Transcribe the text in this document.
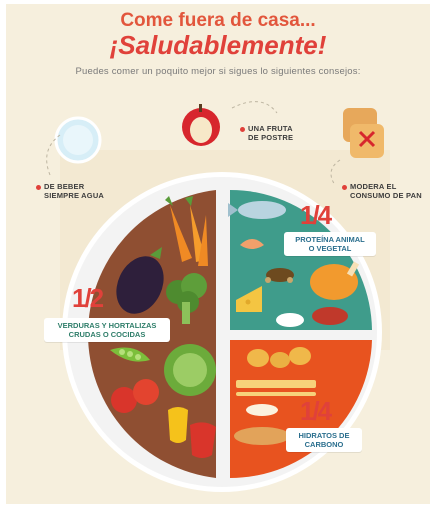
Come fuera de casa...
¡Saludablemente!
Puedes comer un poquito mejor si sigues lo siguientes consejos:
DE BEBER
SIEMPRE AGUA
UNA FRUTA
DE POSTRE
MODERA EL
CONSUMO DE PAN
1/2
VERDURAS Y HORTALIZAS
CRUDAS O COCIDAS
1/4
PROTEÍNA ANIMAL
O VEGETAL
1/4
HIDRATOS DE
CARBONO
